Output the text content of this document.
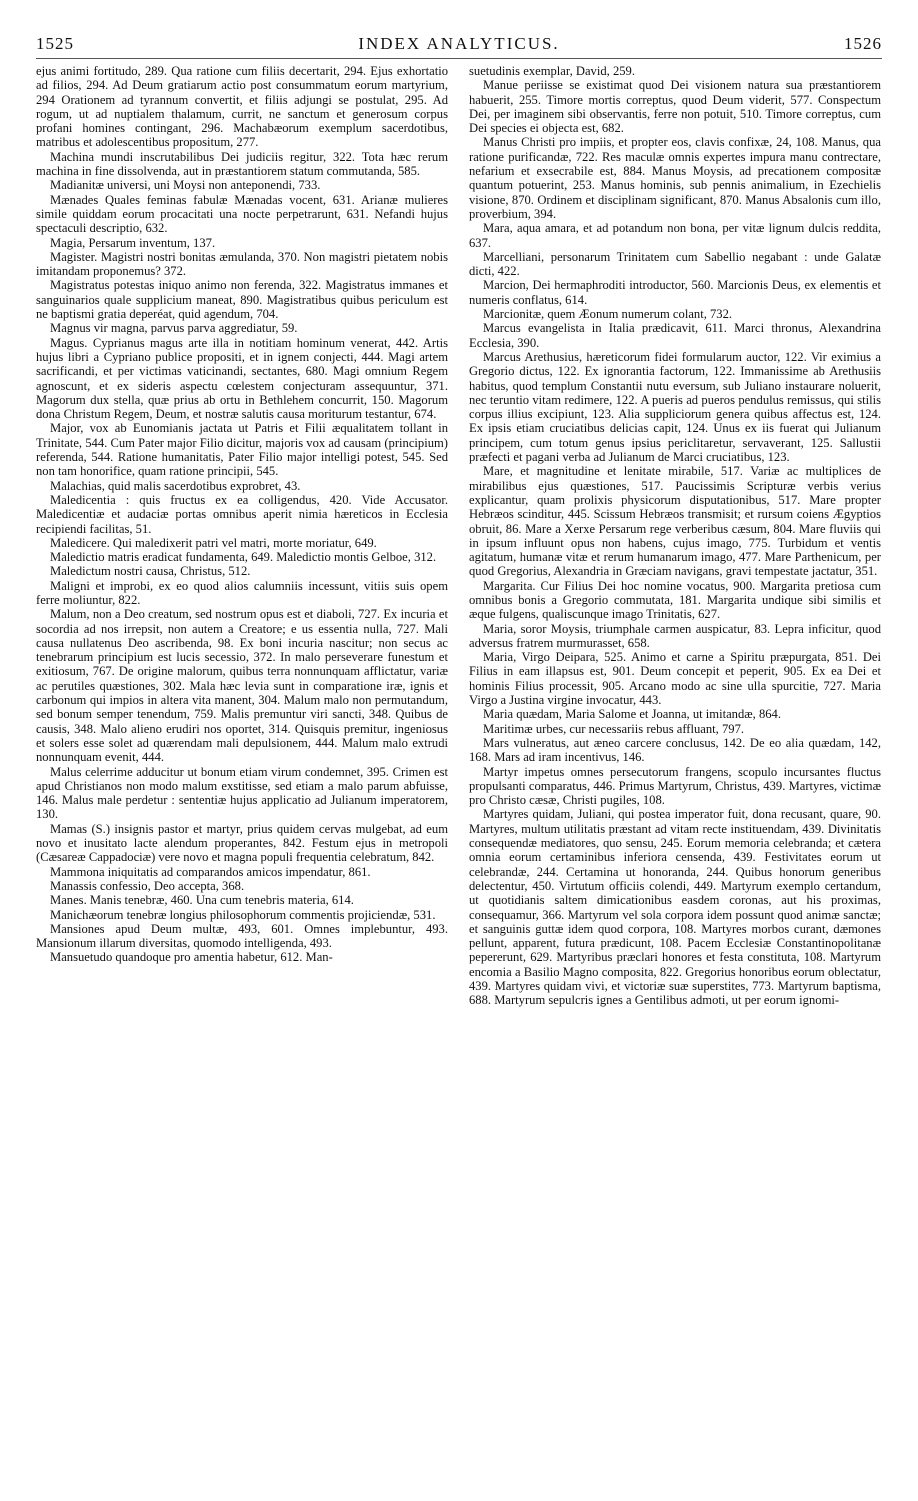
1525	INDEX ANALYTICUS.	1526

ejus animi fortitudo, 289. Qua ratione cum filiis decertarit, 294. Ejus exhortatio ad filios, 294. Ad Deum gratiarum actio post consummatum eorum martyrium, 294 Orationem ad tyrannum convertit, et filiis adjungi se postulat, 295. Ad rogum, ut ad nuptialem thalamum, currit, ne sanctum et generosum corpus profani homines contingant, 296. Machabæorum exemplum sacerdotibus, matribus et adolescentibus propositum, 277.

Machina mundi inscrutabilibus Dei judiciis regitur, 322. Tota hæc rerum machina in fine dissolvenda, aut in præstantiorem statum commutanda, 585.

Madianitæ universi, uni Moysi non anteponendi, 733.

Mænades Quales feminas fabulæ Mænadas vocent, 631. Arianæ mulieres simile quiddam eorum procacitati una nocte perpetrarunt, 631. Nefandi hujus spectaculi descriptio, 632.

Magia, Persarum inventum, 137.

Magister. Magistri nostri bonitas æmulanda, 370. Non magistri pietatem nobis imitandam proponemus? 372.

Magistratus potestas iniquo animo non ferenda, 322. Magistratus immanes et sanguinarios quale supplicium maneat, 890. Magistratibus quibus periculum est ne baptismi gratia deperéat, quid agendum, 704.

Magnus vir magna, parvus parva aggrediatur, 59.

Magus. Cyprianus magus arte illa in notitiam hominum venerat, 442. Artis hujus libri a Cypriano publice propositi, et in ignem conjecti, 444. Magi artem sacrificandi, et per victimas vaticinandi, sectantes, 680. Magi omnium Regem agnoscunt, et ex sideris aspectu cœlestem conjecturam assequuntur, 371. Magorum dux stella, quæ prius ab ortu in Bethlehem concurrit, 150. Magorum dona Christum Regem, Deum, et nostræ salutis causa moriturum testantur, 674.

Major, vox ab Eunomianis jactata ut Patris et Filii æqualitatem tollant in Trinitate, 544. Cum Pater major Filio dicitur, majoris vox ad causam (principium) referenda, 544. Ratione humanitatis, Pater Filio major intelligi potest, 545. Sed non tam honorifice, quam ratione principii, 545.

Malachias, quid malis sacerdotibus exprobret, 43.

Maledicentia : quis fructus ex ea colligendus, 420. Vide Accusator. Maledicentiæ et audaciæ portas omnibus aperit nimia hæreticos in Ecclesia recipiendi facilitas, 51.

Maledicere. Qui maledixerit patri vel matri, morte moriatur, 649.

Maledictio matris eradicat fundamenta, 649. Maledictio montis Gelboe, 312.

Maledictum nostri causa, Christus, 512.

Maligni et improbi, ex eo quod alios calumniis incessunt, vitiis suis opem ferre moliuntur, 822.

Malum, non a Deo creatum, sed nostrum opus est et diaboli, 727. Ex incuria et socordia ad nos irrepsit, non autem a Creatore; e us essentia nulla, 727. Mali causa nullatenus Deo ascribenda, 98. Ex boni incuria nascitur; non secus ac tenebrarum principium est lucis secessio, 372. In malo perseverare funestum et exitiosum, 767. De origine malorum, quibus terra nonnunquam afflictatur, variæ ac perutiles quæstiones, 302. Mala hæc levia sunt in comparatione iræ, ignis et carbonum qui impios in altera vita manent, 304. Malum malo non permutandum, sed bonum semper tenendum, 759. Malis premuntur viri sancti, 348. Quibus de causis, 348. Malo alieno erudiri nos oportet, 314. Quisquis premitur, ingeniosus et solers esse solet ad quærendam mali depulsionem, 444. Malum malo extrudi nonnunquam evenit, 444.

Malus celerrime adducitur ut bonum etiam virum condemnet, 395. Crimen est apud Christianos non modo malum exstitisse, sed etiam a malo parum abfuisse, 146. Malus male perdetur : sententiæ hujus applicatio ad Julianum imperatorem, 130.

Mamas (S.) insignis pastor et martyr, prius quidem cervas mulgebat, ad eum novo et inusitato lacte alendum properantes, 842. Festum ejus in metropoli (Cæsareæ Cappadociæ) vere novo et magna populi frequentia celebratum, 842.

Mammona iniquitatis ad comparandos amicos impendatur, 861.

Manassis confessio, Deo accepta, 368.

Manes. Manis tenebræ, 460. Una cum tenebris materia, 614.

Manichæorum tenebræ longius philosophorum commentis projiciendæ, 531.

Mansiones apud Deum multæ, 493, 601. Omnes implebuntur, 493. Mansionum illarum diversitas, quomodo intelligenda, 493.

Mansuetudo quandoque pro amentia habetur, 612. Man-

suetudinis exemplar, David, 259.

Manue periisse se existimat quod Dei visionem natura sua præstantiorem habuerit, 255. Timore mortis correptus, quod Deum viderit, 577. Conspectum Dei, per imaginem sibi observantis, ferre non potuit, 510. Timore correptus, cum Dei species ei objecta est, 682.

Manus Christi pro impiis, et propter eos, clavis confixæ, 24, 108. Manus, qua ratione purificandæ, 722. Res maculæ omnis expertes impura manu contrectare, nefarium et exsecrabile est, 884. Manus Moysis, ad precationem compositæ quantum potuerint, 253. Manus hominis, sub pennis animalium, in Ezechielis visione, 870. Ordinem et disciplinam significant, 870. Manus Absalonis cum illo, proverbium, 394.

Mara, aqua amara, et ad potandum non bona, per vitæ lignum dulcis reddita, 637.

Marcelliani, personarum Trinitatem cum Sabellio negabant : unde Galatæ dicti, 422.

Marcion, Dei hermaphroditi introductor, 560. Marcionis Deus, ex elementis et numeris conflatus, 614.

Marcionitæ, quem Æonum numerum colant, 732.

Marcus evangelista in Italia prædicavit, 611. Marci thronus, Alexandrina Ecclesia, 390.

Marcus Arethusius, hæreticorum fidei formularum auctor, 122. Vir eximius a Gregorio dictus, 122. Ex ignorantia factorum, 122. Immanissime ab Arethusiis habitus, quod templum Constantii nutu eversum, sub Juliano instaurare noluerit, nec teruntio vitam redimere, 122. A pueris ad pueros pendulus remissus, qui stilis corpus illius excipiunt, 123. Alia suppliciorum genera quibus affectus est, 124. Ex ipsis etiam cruciatibus delicias capit, 124. Unus ex iis fuerat qui Julianum principem, cum totum genus ipsius periclitaretur, servaverant, 125. Sallustii præfecti et pagani verba ad Julianum de Marci cruciatibus, 123.

Mare, et magnitudine et lenitate mirabile, 517. Variæ ac multiplices de mirabilibus ejus quæstiones, 517. Paucissimis Scripturæ verbis verius explicantur, quam prolixis physicorum disputationibus, 517. Mare propter Hebræos scinditur, 445. Scissum Hebræos transmisit; et rursum coiens Ægyptios obruit, 86. Mare a Xerxe Persarum rege verberibus cæsum, 804. Mare fluviis qui in ipsum influunt opus non habens, cujus imago, 775. Turbidum et ventis agitatum, humanæ vitæ et rerum humanarum imago, 477. Mare Parthenicum, per quod Gregorius, Alexandria in Græciam navigans, gravi tempestate jactatur, 351.

Margarita. Cur Filius Dei hoc nomine vocatus, 900. Margarita pretiosa cum omnibus bonis a Gregorio commutata, 181. Margarita undique sibi similis et æque fulgens, qualiscunque imago Trinitatis, 627.

Maria, soror Moysis, triumphale carmen auspicatur, 83. Lepra inficitur, quod adversus fratrem murmurasset, 658.

Maria, Virgo Deipara, 525. Animo et carne a Spiritu præpurgata, 851. Dei Filius in eam illapsus est, 901. Deum concepit et peperit, 905. Ex ea Dei et hominis Filius processit, 905. Arcano modo ac sine ulla spurcitie, 727. Maria Virgo a Justina virgine invocatur, 443.

Maria quædam, Maria Salome et Joanna, ut imitandæ, 864.

Maritimæ urbes, cur necessariis rebus affluant, 797.

Mars vulneratus, aut æneo carcere conclusus, 142. De eo alia quædam, 142, 168. Mars ad iram incentivus, 146.

Martyr impetus omnes persecutorum frangens, scopulo incursantes fluctus propulsanti comparatus, 446. Primus Martyrum, Christus, 439. Martyres, victimæ pro Christo cæsæ, Christi pugiles, 108.

Martyres quidam, Juliani, qui postea imperator fuit, dona recusant, quare, 90. Martyres, multum utilitatis præstant ad vitam recte instituendam, 439. Divinitatis consequendæ mediatores, quo sensu, 245. Eorum memoria celebranda; et cætera omnia eorum certaminibus inferiora censenda, 439. Festivitates eorum ut celebrandæ, 244. Certamina ut honoranda, 244. Quibus honorum generibus delectentur, 450. Virtutum officiis colendi, 449. Martyrum exemplo certandum, ut quotidianis saltem dimicationibus easdem coronas, aut his proximas, consequamur, 366. Martyrum vel sola corpora idem possunt quod animæ sanctæ; et sanguinis guttæ idem quod corpora, 108. Martyres morbos curant, dæmones pellunt, apparent, futura prædicunt, 108. Pacem Ecclesiæ Constantinopolitanæ pepererunt, 629. Martyribus præclari honores et festa constituta, 108. Martyrum encomia a Basilio Magno composita, 822. Gregorius honoribus eorum oblectatur, 439. Martyres quidam vivi, et victoriæ suæ superstites, 773. Martyrum baptisma, 688. Martyrum sepulcris ignes a Gentilibus admoti, ut per eorum ignomi-
